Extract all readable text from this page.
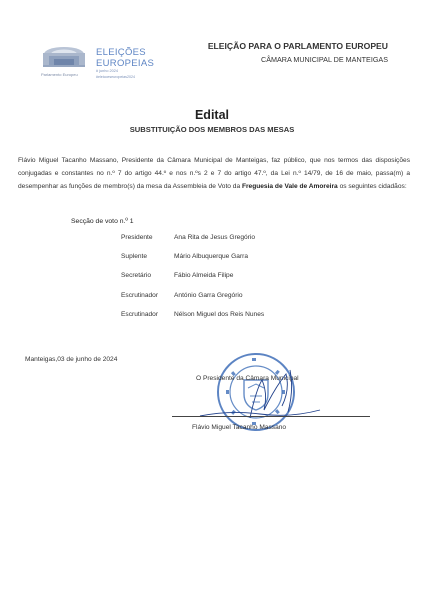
Parlamento Europeu
ELEIÇÕES
EUROPEIAS
# junho 2024
#eleicoeseuropeias2024
ELEIÇÃO PARA O PARLAMENTO EUROPEU
CÂMARA MUNICIPAL DE MANTEIGAS
Edital
SUBSTITUIÇÃO DOS MEMBROS DAS MESAS
Flávio Miguel Tacanho Massano, Presidente da Câmara Municipal de Manteigas, faz público, que nos termos das disposições conjugadas e constantes no n.º 7 do artigo 44.º e nos n.ºs 2 e 7 do artigo 47.º, da Lei n.º 14/79, de 16 de maio, passa(m) a desempenhar as funções de membro(s) da mesa da Assembleia de Voto da Freguesia de Vale de Amoreira os seguintes cidadãos:
Secção de voto n.º 1
Presidente	Ana Rita de Jesus Gregório
Suplente	Mário Albuquerque Garra
Secretário	Fábio Almeida Filipe
Escrutinador António Garra Gregório
Escrutinador Nélson Miguel dos Reis Nunes
Manteigas,03 de junho de 2024
O Presidente da Câmara Municipal
Flávio Miguel Tacanho Massano
